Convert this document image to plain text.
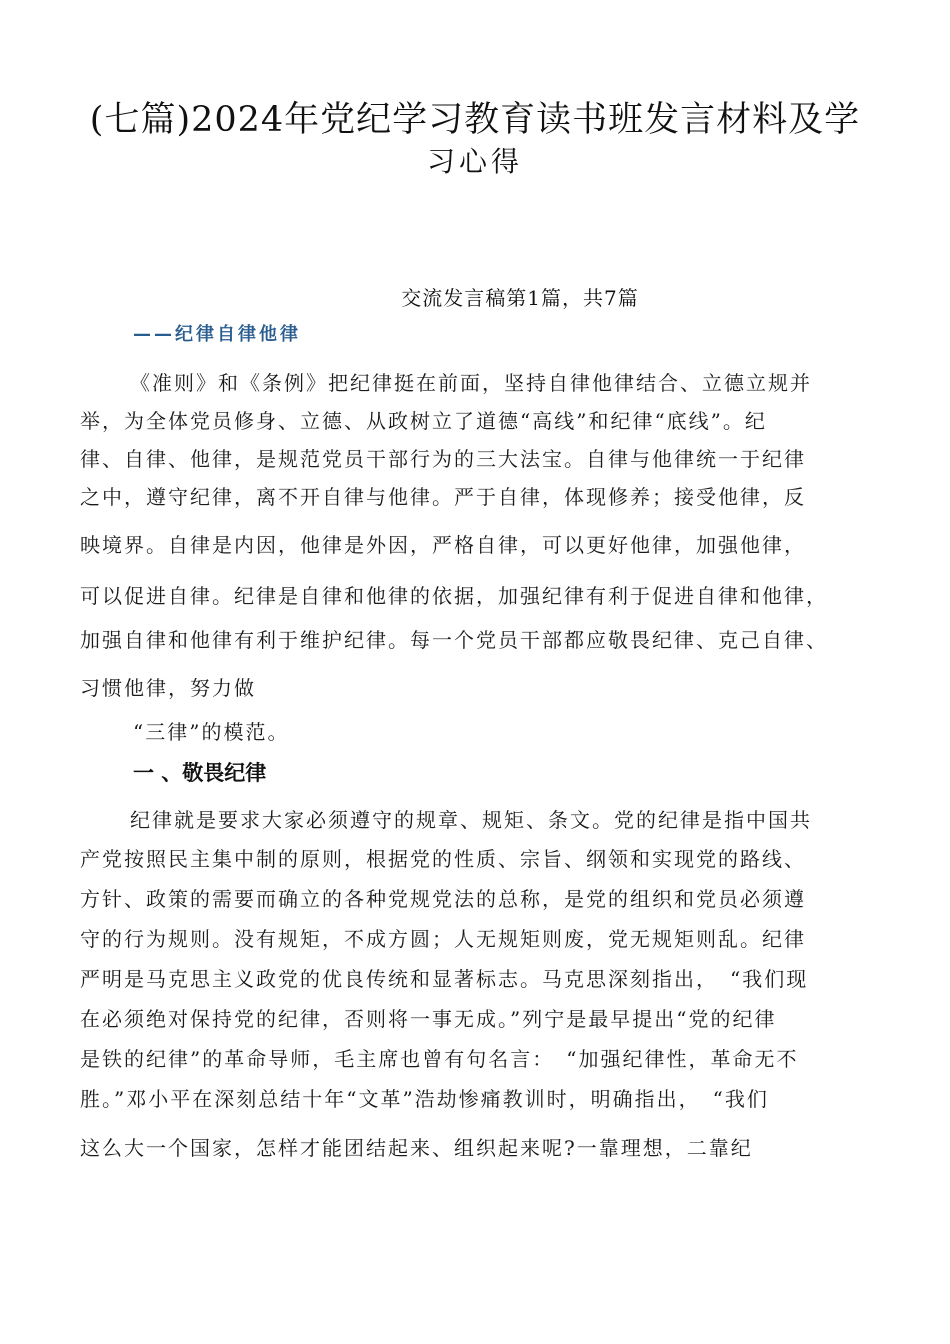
(七篇)2024年党纪学习教育读书班发言材料及学
习心得
交流发言稿第1篇，共7篇
——纪律自律他律
《准则》和《条例》把纪律挺在前面，坚持自律他律结合、立德立规并
举，为全体党员修身、立德、从政树立了道德“高线”和纪律“底线”。纪
律、自律、他律，是规范党员干部行为的三大法宝。自律与他律统一于纪律
之中，遵守纪律，离不开自律与他律。严于自律，体现修养；接受他律，反
映境界。自律是内因，他律是外因，严格自律，可以更好他律，加强他律，
可以促进自律。纪律是自律和他律的依据，加强纪律有利于促进自律和他律，
加强自律和他律有利于维护纪律。每一个党员干部都应敬畏纪律、克己自律、
习惯他律，努力做
“三律”的模范。
一 、敬畏纪律
纪律就是要求大家必须遵守的规章、规矩、条文。党的纪律是指中国共
产党按照民主集中制的原则，根据党的性质、宗旨、纲领和实现党的路线、
方针、政策的需要而确立的各种党规党法的总称，是党的组织和党员必须遵
守的行为规则。没有规矩，不成方圆；人无规矩则废，党无规矩则乱。纪律
严明是马克思主义政党的优良传统和显著标志。马克思深刻指出，　“我们现
在必须绝对保持党的纪律，否则将一事无成。”列宁是最早提出“党的纪律
是铁的纪律”的革命导师，毛主席也曾有句名言：　“加强纪律性，革命无不
胜。”邓小平在深刻总结十年“文革”浩劫惨痛教训时，明确指出，　“我们
这么大一个国家，怎样才能团结起来、组织起来呢?一靠理想，二靠纪
